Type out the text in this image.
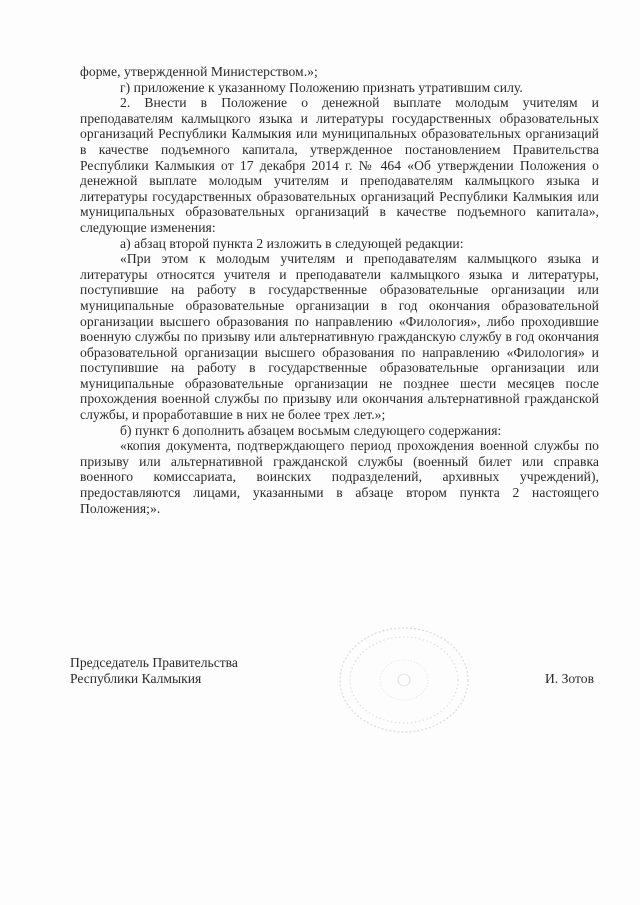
форме, утвержденной Министерством.»;

г) приложение к указанному Положению признать утратившим силу.

2. Внести в Положение о денежной выплате молодым учителям и преподавателям калмыцкого языка и литературы государственных образовательных организаций Республики Калмыкия или муниципальных образовательных организаций в качестве подъемного капитала, утвержденное постановлением Правительства Республики Калмыкия от 17 декабря 2014 г. № 464 «Об утверждении Положения о денежной выплате молодым учителям и преподавателям калмыцкого языка и литературы государственных образовательных организаций Республики Калмыкия или муниципальных образовательных организаций в качестве подъемного капитала», следующие изменения:

а) абзац второй пункта 2 изложить в следующей редакции:

«При этом к молодым учителям и преподавателям калмыцкого языка и литературы относятся учителя и преподаватели калмыцкого языка и литературы, поступившие на работу в государственные образовательные организации или муниципальные образовательные организации в год окончания образовательной организации высшего образования по направлению «Филология», либо проходившие военную службы по призыву или альтернативную гражданскую службу в год окончания образовательной организации высшего образования по направлению «Филология» и поступившие на работу в государственные образовательные организации или муниципальные образовательные организации не позднее шести месяцев после прохождения военной службы по призыву или окончания альтернативной гражданской службы, и проработавшие в них не более трех лет.»;

б) пункт 6 дополнить абзацем восьмым следующего содержания:

«копия документа, подтверждающего период прохождения военной службы по призыву или альтернативной гражданской службы (военный билет или справка военного комиссариата, воинских подразделений, архивных учреждений), предоставляются лицами, указанными в абзаце втором пункта 2 настоящего Положения;».

Председатель Правительства
Республики Калмыкия	И. Зотов
